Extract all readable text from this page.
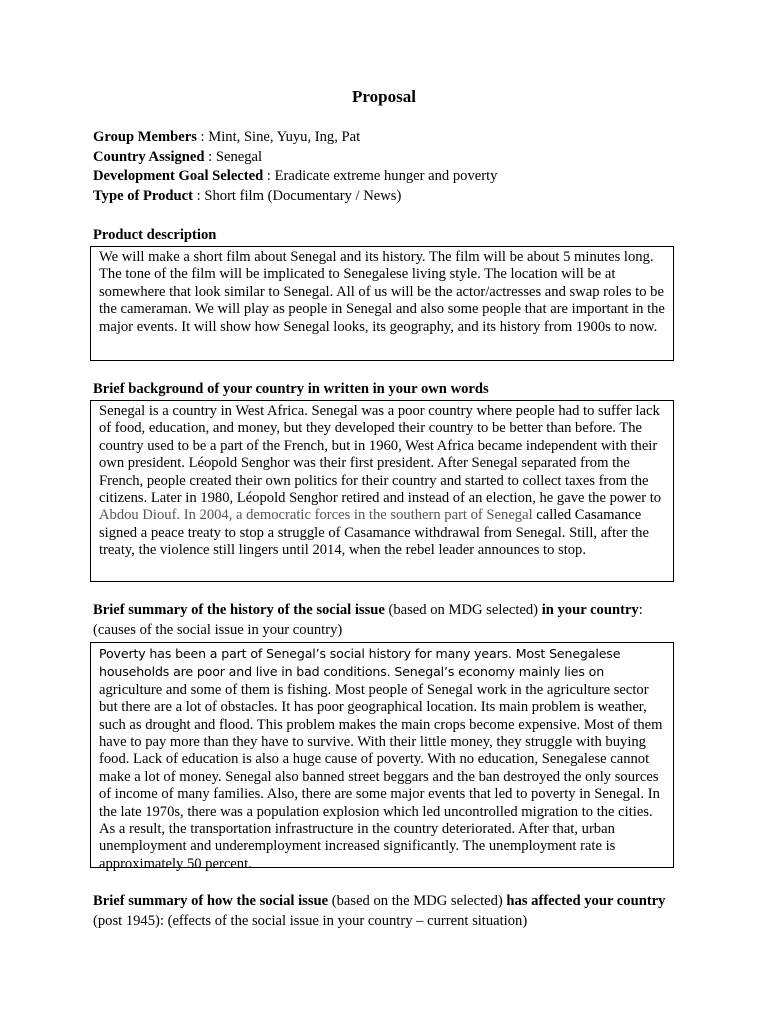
Proposal
Group Members : Mint, Sine, Yuyu, Ing, Pat
Country Assigned : Senegal
Development Goal Selected : Eradicate extreme hunger and poverty
Type of Product : Short film (Documentary / News)
Product description

We will make a short film about Senegal and its history. The film will be about 5 minutes long. The tone of the film will be implicated to Senegalese living style. The location will be at somewhere that look similar to Senegal. All of us will be the actor/actresses and swap roles to be the cameraman. We will play as people in Senegal and also some people that are important in the major events. It will show how Senegal looks, its geography, and its history from 1900s to now.

Brief background of your country in written in your own words

Senegal is a country in West Africa. Senegal was a poor country where people had to suffer lack of food, education, and money, but they developed their country to be better than before. The country used to be a part of the French, but in 1960, West Africa became independent with their own president. Léopold Senghor was their first president. After Senegal separated from the French, people created their own politics for their country and started to collect taxes from the citizens. Later in 1980, Léopold Senghor retired and instead of an election, he gave the power to Abdou Diouf. In 2004, a democratic forces in the southern part of Senegal called Casamance signed a peace treaty to stop a struggle of Casamance withdrawal from Senegal. Still, after the treaty, the violence still lingers until 2014, when the rebel leader announces to stop.

Brief summary of the history of the social issue (based on MDG selected) in your country: (causes of the social issue in your country)

Poverty has been a part of Senegal’s social history for many years. Most Senegalese households are poor and live in bad conditions. Senegal’s economy mainly lies on agriculture and some of them is fishing. Most people of Senegal work in the agriculture sector but there are a lot of obstacles. It has poor geographical location. Its main problem is weather, such as drought and flood. This problem makes the main crops become expensive. Most of them have to pay more than they have to survive. With their little money, they struggle with buying food. Lack of education is also a huge cause of poverty. With no education, Senegalese cannot make a lot of money. Senegal also banned street beggars and the ban destroyed the only sources of income of many families. Also, there are some major events that led to poverty in Senegal. In the late 1970s, there was a population explosion which led uncontrolled migration to the cities. As a result, the transportation infrastructure in the country deteriorated. After that, urban unemployment and underemployment increased significantly. The unemployment rate is approximately 50 percent.

Brief summary of how the social issue (based on the MDG selected) has affected your country (post 1945): (effects of the social issue in your country – current situation)
